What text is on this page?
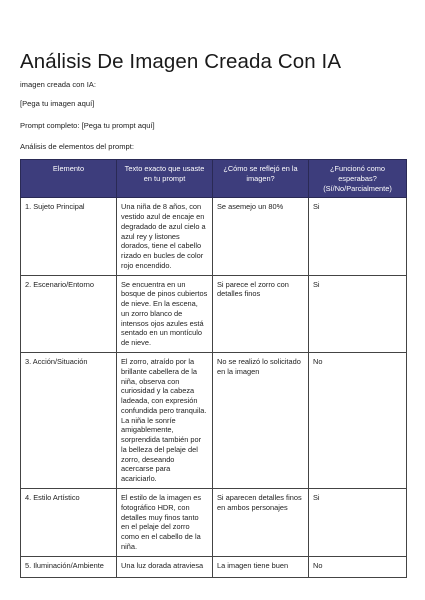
Análisis De Imagen Creada Con IA
imagen creada con IA:
[Pega tu imagen aquí]
Prompt completo: [Pega tu prompt aquí]
Análisis de elementos del prompt:
Elemento	Texto exacto que usaste en tu prompt	¿Cómo se reflejó en la imagen?	¿Funcionó como esperabas? (Sí/No/Parcialmente)
1. Sujeto Principal	Una niña de 8 años, con vestido azul de encaje en degradado de azul cielo a azul rey y listones dorados, tiene el cabello rizado en bucles de color rojo encendido.	Se asemejo un 80%	Si
2. Escenario/Entorno	Se encuentra en un bosque de pinos cubiertos de nieve. En la escena, un zorro blanco de intensos ojos azules está sentado en un montículo de nieve.	Si parece el zorro con detalles finos	Si
3. Acción/Situación	El zorro, atraído por la brillante cabellera de la niña, observa con curiosidad y la cabeza ladeada, con expresión confundida pero tranquila. La niña le sonríe amigablemente, sorprendida también por la belleza del pelaje del zorro, deseando acercarse para acariciarlo.	No se realizó lo solicitado en la imagen	No
4. Estilo Artístico	El estilo de la imagen es fotográfico HDR, con detalles muy finos tanto en el pelaje del zorro como en el cabello de la niña.	Si aparecen detalles finos en ambos personajes	Si
5. Iluminación/Ambiente	Una luz dorada atraviesa	La imagen tiene buen	No
